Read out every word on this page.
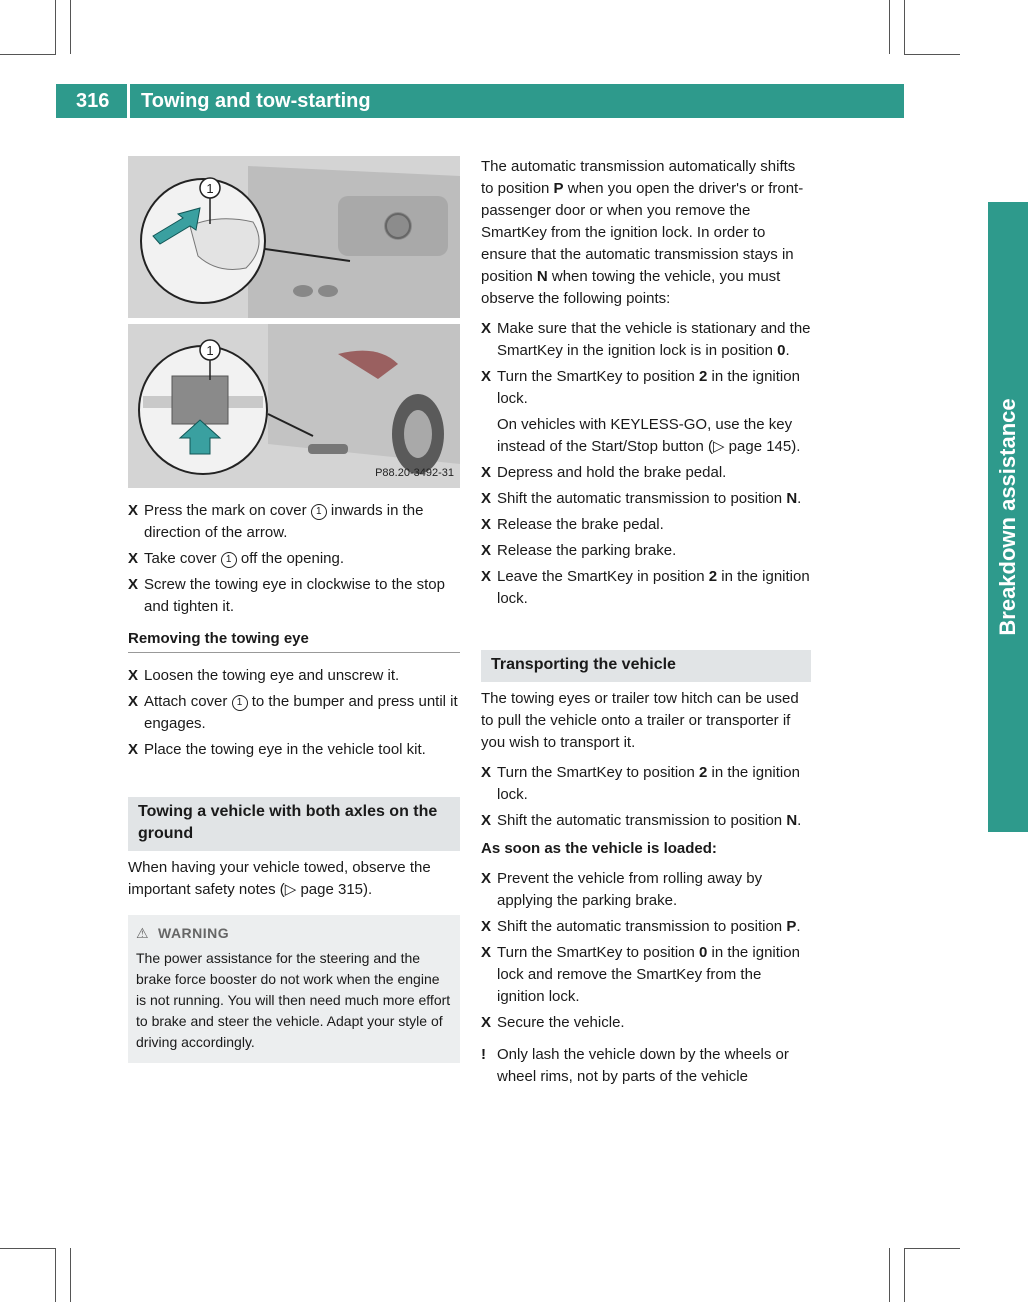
316 Towing and tow-starting
Breakdown assistance
1
1
P88.20-3492-31
X Press the mark on cover 1 inwards in the direction of the arrow.
X Take cover 1 off the opening.
X Screw the towing eye in clockwise to the stop and tighten it.
Removing the towing eye
X Loosen the towing eye and unscrew it.
X Attach cover 1 to the bumper and press until it engages.
X Place the towing eye in the vehicle tool kit.
Towing a vehicle with both axles on the ground
When having your vehicle towed, observe the important safety notes (▷ page 315).
⚠ WARNING
The power assistance for the steering and the brake force booster do not work when the engine is not running. You will then need much more effort to brake and steer the vehicle. Adapt your style of driving accordingly.
The automatic transmission automatically shifts to position P when you open the driver's or front-passenger door or when you remove the SmartKey from the ignition lock. In order to ensure that the automatic transmission stays in position N when towing the vehicle, you must observe the following points:
X Make sure that the vehicle is stationary and the SmartKey in the ignition lock is in position 0.
X Turn the SmartKey to position 2 in the ignition lock.
On vehicles with KEYLESS-GO, use the key instead of the Start/Stop button (▷ page 145).
X Depress and hold the brake pedal.
X Shift the automatic transmission to position N.
X Release the brake pedal.
X Release the parking brake.
X Leave the SmartKey in position 2 in the ignition lock.
Transporting the vehicle
The towing eyes or trailer tow hitch can be used to pull the vehicle onto a trailer or transporter if you wish to transport it.
X Turn the SmartKey to position 2 in the ignition lock.
X Shift the automatic transmission to position N.
As soon as the vehicle is loaded:
X Prevent the vehicle from rolling away by applying the parking brake.
X Shift the automatic transmission to position P.
X Turn the SmartKey to position 0 in the ignition lock and remove the SmartKey from the ignition lock.
X Secure the vehicle.
! Only lash the vehicle down by the wheels or wheel rims, not by parts of the vehicle
